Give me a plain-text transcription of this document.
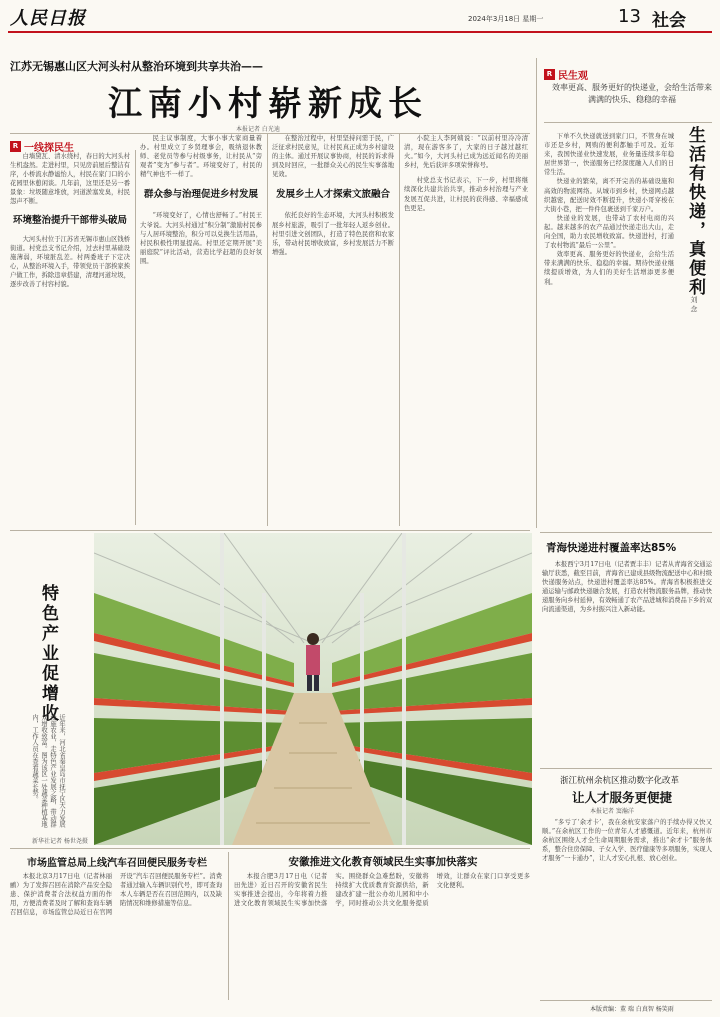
人民日报	2024年3月18日 星期一	13 社会
江苏无锡惠山区大河头村从整治环境到共享共治——
江南小村崭新成长
本报记者 白光迪
R 一线探民生

白墙黛瓦、清水绕村，春日的大河头村生机盎然。走进村里，只见房前屋后整洁有序，小桥流水静谧怡人，村民在家门口的小花园里休憩闲谈。几年前，这里还是另一番景象：垃圾随意堆放，河道淤塞发臭，村民怨声不断。

环境整治提升干部带头破局

大河头村位于江苏省无锡市惠山区钱桥街道。村党总支书记介绍，过去村里基础设施薄弱，环境脏乱差。村两委班子下定决心，从整治环境入手，带领党员干部挨家挨户做工作，拆除违章搭建，清理河道垃圾，逐步改善了村容村貌。

民主议事制度，大事小事大家商量着办。村里成立了乡贤理事会，吸纳退休教师、老党员等参与村级事务，让村民从“旁观者”变为“参与者”。环境变好了，村民的精气神也不一样了。

群众参与治理促进乡村发展

“环境变好了，心情也舒畅了。”村民王大爷说。大河头村通过“积分制”激励村民参与人居环境整治，积分可以兑换生活用品，村民积极性明显提高。村里还定期开展“美丽庭院”评比活动，营造比学赶超的良好氛围。

在整治过程中，村里坚持问需于民，广泛征求村民意见，让村民真正成为乡村建设的主体。通过开展议事协商，村民的诉求得到及时回应，一批群众关心的民生实事落地见效。

发展乡土人才探索文旅融合

依托良好的生态环境，大河头村积极发展乡村旅游，吸引了一批年轻人返乡创业。村里引进文创团队，打造了特色民宿和农家乐，带动村民增收致富，乡村发展活力不断增强。

小院主人李阿姨说：“以前村里冷冷清清，现在游客多了，大家的日子越过越红火。”如今，大河头村已成为远近闻名的美丽乡村，先后获评多项荣誉称号。

村党总支书记表示，下一步，村里将继续深化共建共治共享，推动乡村治理与产业发展互促共进，让村民的获得感、幸福感成色更足。

R 民生观
效率更高、服务更好的快递业，会给生活带来满满的快乐、稳稳的幸福
生活有快递，真便利
刘 念

下单不久快递就送到家门口，不管身在城市还是乡村，网购的便利都触手可及。近年来，我国快递业快速发展，业务量连续多年稳居世界第一，快递服务已经深度融入人们的日常生活。

快递业的繁荣，离不开完善的基础设施和高效的物流网络。从城市到乡村，快递网点越织越密，配送时效不断提升，快递小哥穿梭在大街小巷，把一件件包裹送到千家万户。

快递业的发展，也带动了农村电商的兴起。越来越多的农产品通过快递走出大山，走向全国，助力农民增收致富。快递进村，打通了农村物流“最后一公里”。

效率更高、服务更好的快递业，会给生活带来满满的快乐、稳稳的幸福。期待快递业继续提质增效，为人们的美好生活增添更多便利。

特色产业促增收
近年来，河北省秦皇岛市抚宁区大力发展设施农业，走特色产业发展之路，带动群众增收致富。图为该区一处蔬菜种植基地内，工作人员在查看蔬菜长势。
新华社记者 杨世尧摄
青海快递进村覆盖率达85%

本报西宁3月17日电（记者贾丰丰）记者从青海省交通运输厅获悉，截至目前，青海省已建成县级物流配送中心和村级快递服务站点，快递进村覆盖率达85%。青海省积极推进交通运输与邮政快递融合发展，打造农村物流服务品牌，推动快递服务向乡村延伸，有效畅通了农产品进城和消费品下乡的双向流通渠道，为乡村振兴注入新动能。

浙江杭州余杭区推动数字化改革
让人才服务更便捷
本报记者 窦瀚洋

“多亏了‘余才卡’，我在余杭安家落户的手续办得又快又顺。”在余杭区工作的一位青年人才感慨道。近年来，杭州市余杭区围绕人才全生命周期服务需求，推出“余才卡”服务体系，整合住房保障、子女入学、医疗健康等多项服务，实现人才服务“一卡通办”，让人才安心扎根、放心创业。

市场监管总局上线汽车召回便民服务专栏

本报北京3月17日电（记者林丽鹂）为了发挥召回在消除产品安全隐患、保护消费者合法权益方面的作用，方便消费者及时了解和查询车辆召回信息，市场监管总局近日在官网开设“汽车召回便民服务专栏”。消费者通过输入车辆识别代号，即可查询本人车辆是否在召回范围内，以及缺陷情况和维修措施等信息。

安徽推进文化教育领域民生实事加快落实

本报合肥3月17日电（记者田先进）近日召开的安徽省民生实事推进会提出，今年将着力推进文化教育领域民生实事加快落实。围绕群众急难愁盼，安徽将持续扩大优质教育资源供给，新建改扩建一批公办幼儿园和中小学，同时推动公共文化服务提质增效，让群众在家门口享受更多文化便利。

本版责编：董 瑞 白真智 杨笑雨
